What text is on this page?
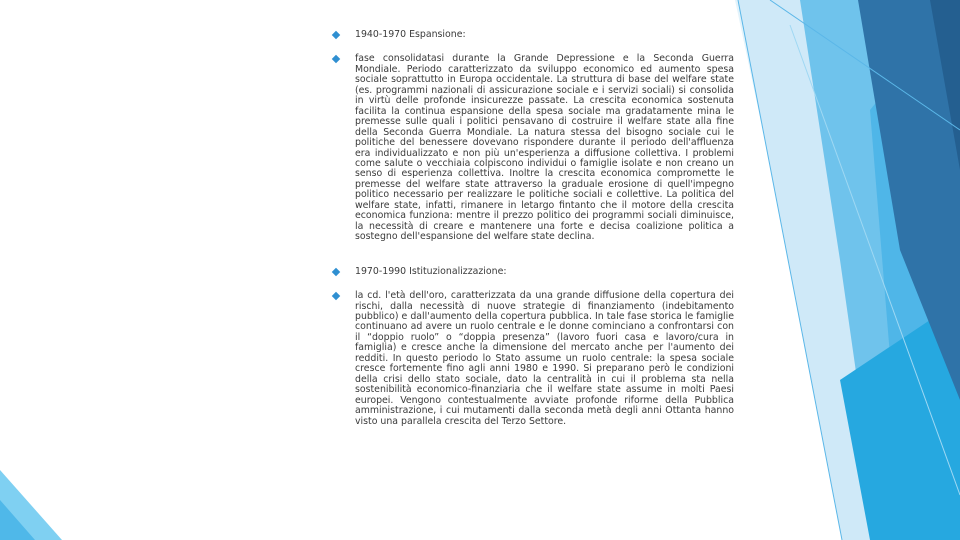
1940-1970 Espansione:

fase consolidatasi durante la Grande Depressione e la Seconda Guerra Mondiale. Periodo caratterizzato da sviluppo economico ed aumento spesa sociale soprattutto in Europa occidentale. La struttura di base del welfare state (es. programmi nazionali di assicurazione sociale e i servizi sociali) si consolida in virtù delle profonde insicurezze passate. La crescita economica sostenuta facilita la continua espansione della spesa sociale ma gradatamente mina le premesse sulle quali i politici pensavano di costruire il welfare state alla fine della Seconda Guerra Mondiale. La natura stessa del bisogno sociale cui le politiche del benessere dovevano rispondere durante il periodo dell'affluenza era individualizzato e non più un'esperienza a diffusione collettiva. I problemi come salute o vecchiaia colpiscono individui o famiglie isolate e non creano un senso di esperienza collettiva. Inoltre la crescita economica compromette le premesse del welfare state attraverso la graduale erosione di quell'impegno politico necessario per realizzare le politiche sociali e collettive. La politica del welfare state, infatti, rimanere in letargo fintanto che il motore della crescita economica funziona: mentre il prezzo politico dei programmi sociali diminuisce, la necessità di creare e mantenere una forte e decisa coalizione politica a sostegno dell'espansione del welfare state declina.

1970-1990 Istituzionalizzazione:

la cd. l'età dell'oro, caratterizzata da una grande diffusione della copertura dei rischi, dalla necessità di nuove strategie di finanziamento (indebitamento pubblico) e dall'aumento della copertura pubblica. In tale fase storica le famiglie continuano ad avere un ruolo centrale e le donne cominciano a confrontarsi con il “doppio ruolo” o “doppia presenza” (lavoro fuori casa e lavoro/cura in famiglia) e cresce anche la dimensione del mercato anche per l'aumento dei redditi. In questo periodo lo Stato assume un ruolo centrale: la spesa sociale cresce fortemente fino agli anni 1980 e 1990. Si preparano però le condizioni della crisi dello stato sociale, dato la centralità in cui il problema sta nella sostenibilità economico-finanziaria che il welfare state assume in molti Paesi europei. Vengono contestualmente avviate profonde riforme della Pubblica amministrazione, i cui mutamenti dalla seconda metà degli anni Ottanta hanno visto una parallela crescita del Terzo Settore.
